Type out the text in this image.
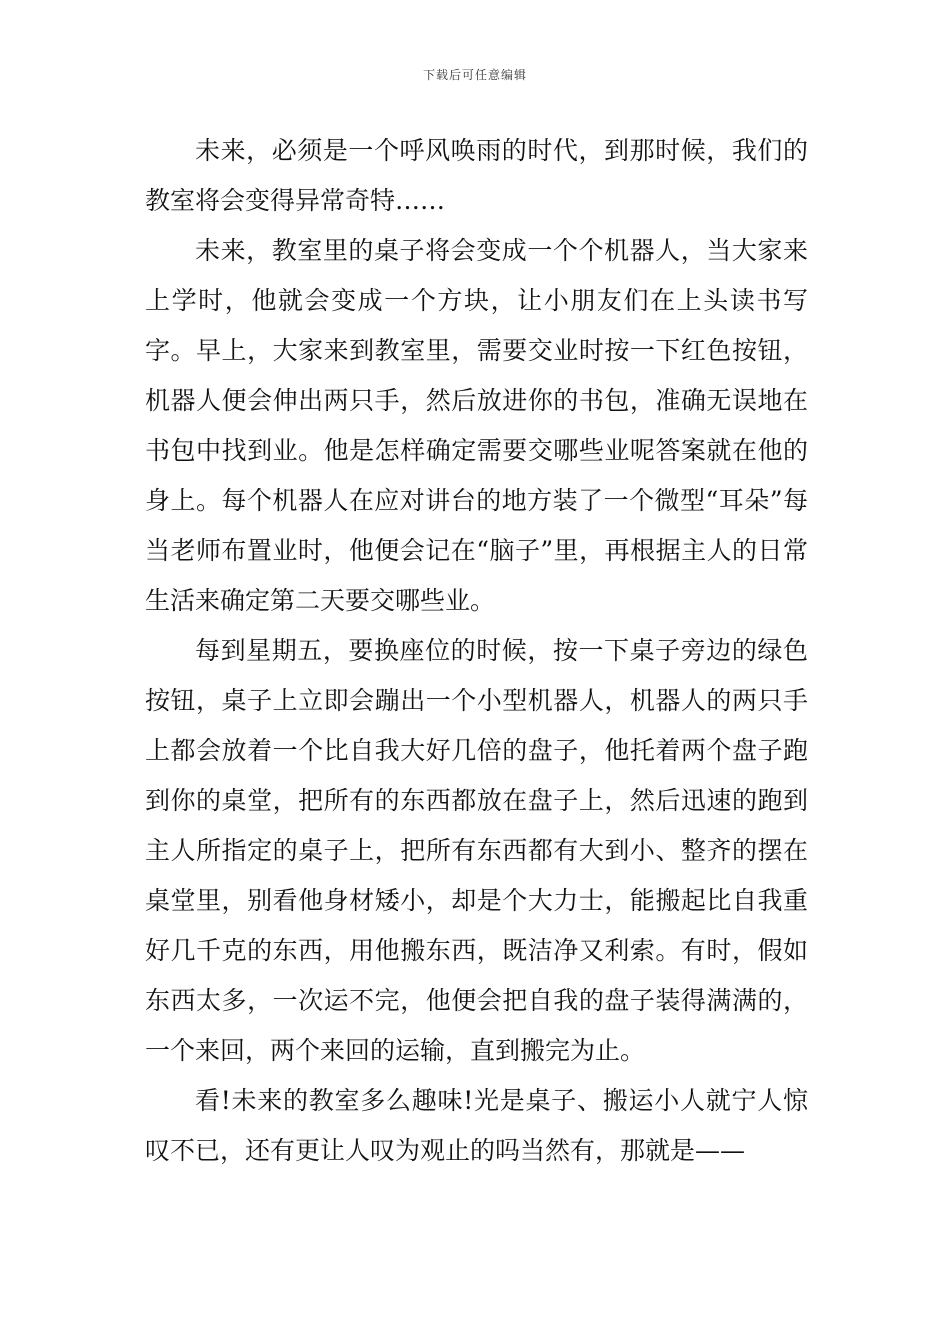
下载后可任意编辑

未来，必须是一个呼风唤雨的时代，到那时候，我们的教室将会变得异常奇特……

未来，教室里的桌子将会变成一个个机器人，当大家来上学时，他就会变成一个方块，让小朋友们在上头读书写字。早上，大家来到教室里，需要交业时按一下红色按钮，机器人便会伸出两只手，然后放进你的书包，准确无误地在书包中找到业。他是怎样确定需要交哪些业呢答案就在他的身上。每个机器人在应对讲台的地方装了一个微型“耳朵”每当老师布置业时，他便会记在“脑子”里，再根据主人的日常生活来确定第二天要交哪些业。

每到星期五，要换座位的时候，按一下桌子旁边的绿色按钮，桌子上立即会蹦出一个小型机器人，机器人的两只手上都会放着一个比自我大好几倍的盘子，他托着两个盘子跑到你的桌堂，把所有的东西都放在盘子上，然后迅速的跑到主人所指定的桌子上，把所有东西都有大到小、整齐的摆在桌堂里，别看他身材矮小，却是个大力士，能搬起比自我重好几千克的东西，用他搬东西，既洁净又利索。有时，假如东西太多，一次运不完，他便会把自我的盘子装得满满的，一个来回，两个来回的运输，直到搬完为止。

看!未来的教室多么趣味!光是桌子、搬运小人就宁人惊叹不已，还有更让人叹为观止的吗当然有，那就是——
